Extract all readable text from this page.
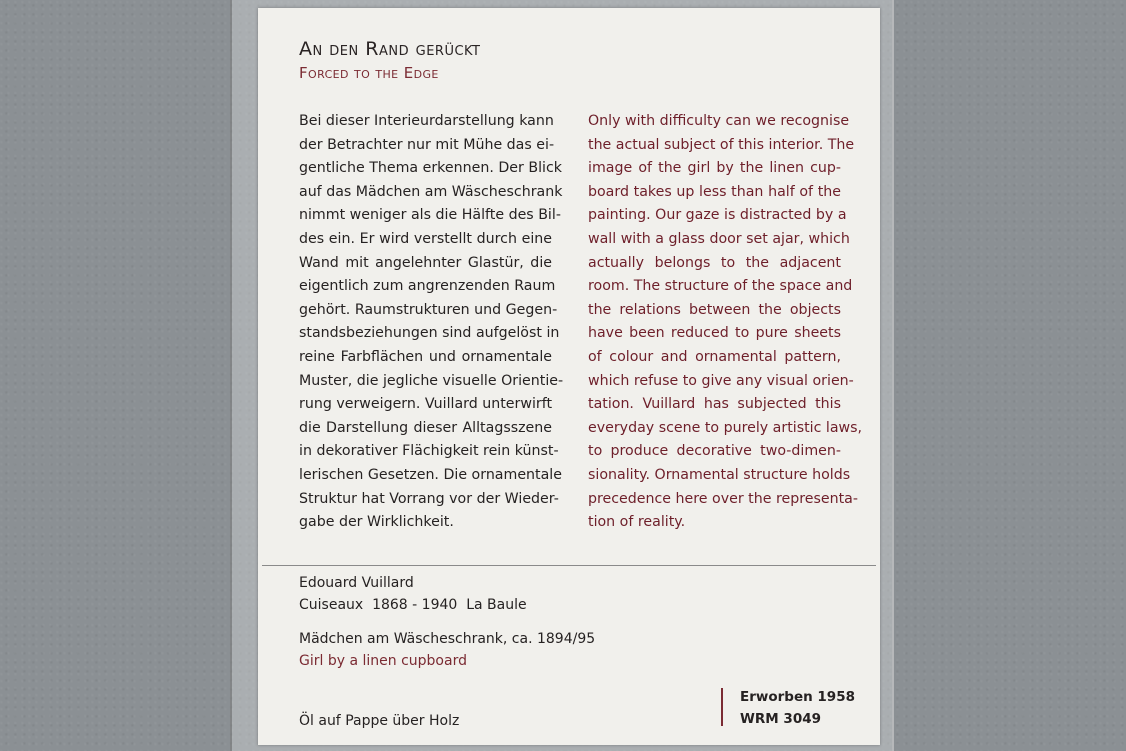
An den Rand gerückt
Forced to the Edge
Bei dieser Interieurdarstellung kann
der Betrachter nur mit Mühe das ei-
gentliche Thema erkennen. Der Blick
auf das Mädchen am Wäscheschrank
nimmt weniger als die Hälfte des Bil-
des ein. Er wird verstellt durch eine
Wand mit angelehnter Glastür, die
eigentlich zum angrenzenden Raum
gehört. Raumstrukturen und Gegen-
standsbeziehungen sind aufgelöst in
reine Farbflächen und ornamentale
Muster, die jegliche visuelle Orientie-
rung verweigern. Vuillard unterwirft
die Darstellung dieser Alltagsszene
in dekorativer Flächigkeit rein künst-
lerischen Gesetzen. Die ornamentale
Struktur hat Vorrang vor der Wieder-
gabe der Wirklichkeit.
Only with difficulty can we recognise
the actual subject of this interior. The
image of the girl by the linen cup-
board takes up less than half of the
painting. Our gaze is distracted by a
wall with a glass door set ajar, which
actually belongs to the adjacent
room. The structure of the space and
the relations between the objects
have been reduced to pure sheets
of colour and ornamental pattern,
which refuse to give any visual orien-
tation. Vuillard has subjected this
everyday scene to purely artistic laws,
to produce decorative two-dimen-
sionality. Ornamental structure holds
precedence here over the representa-
tion of reality.
Edouard Vuillard
Cuiseaux  1868 - 1940  La Baule
Mädchen am Wäscheschrank, ca. 1894/95
Girl by a linen cupboard
Öl auf Pappe über Holz
Erworben 1958
WRM 3049
